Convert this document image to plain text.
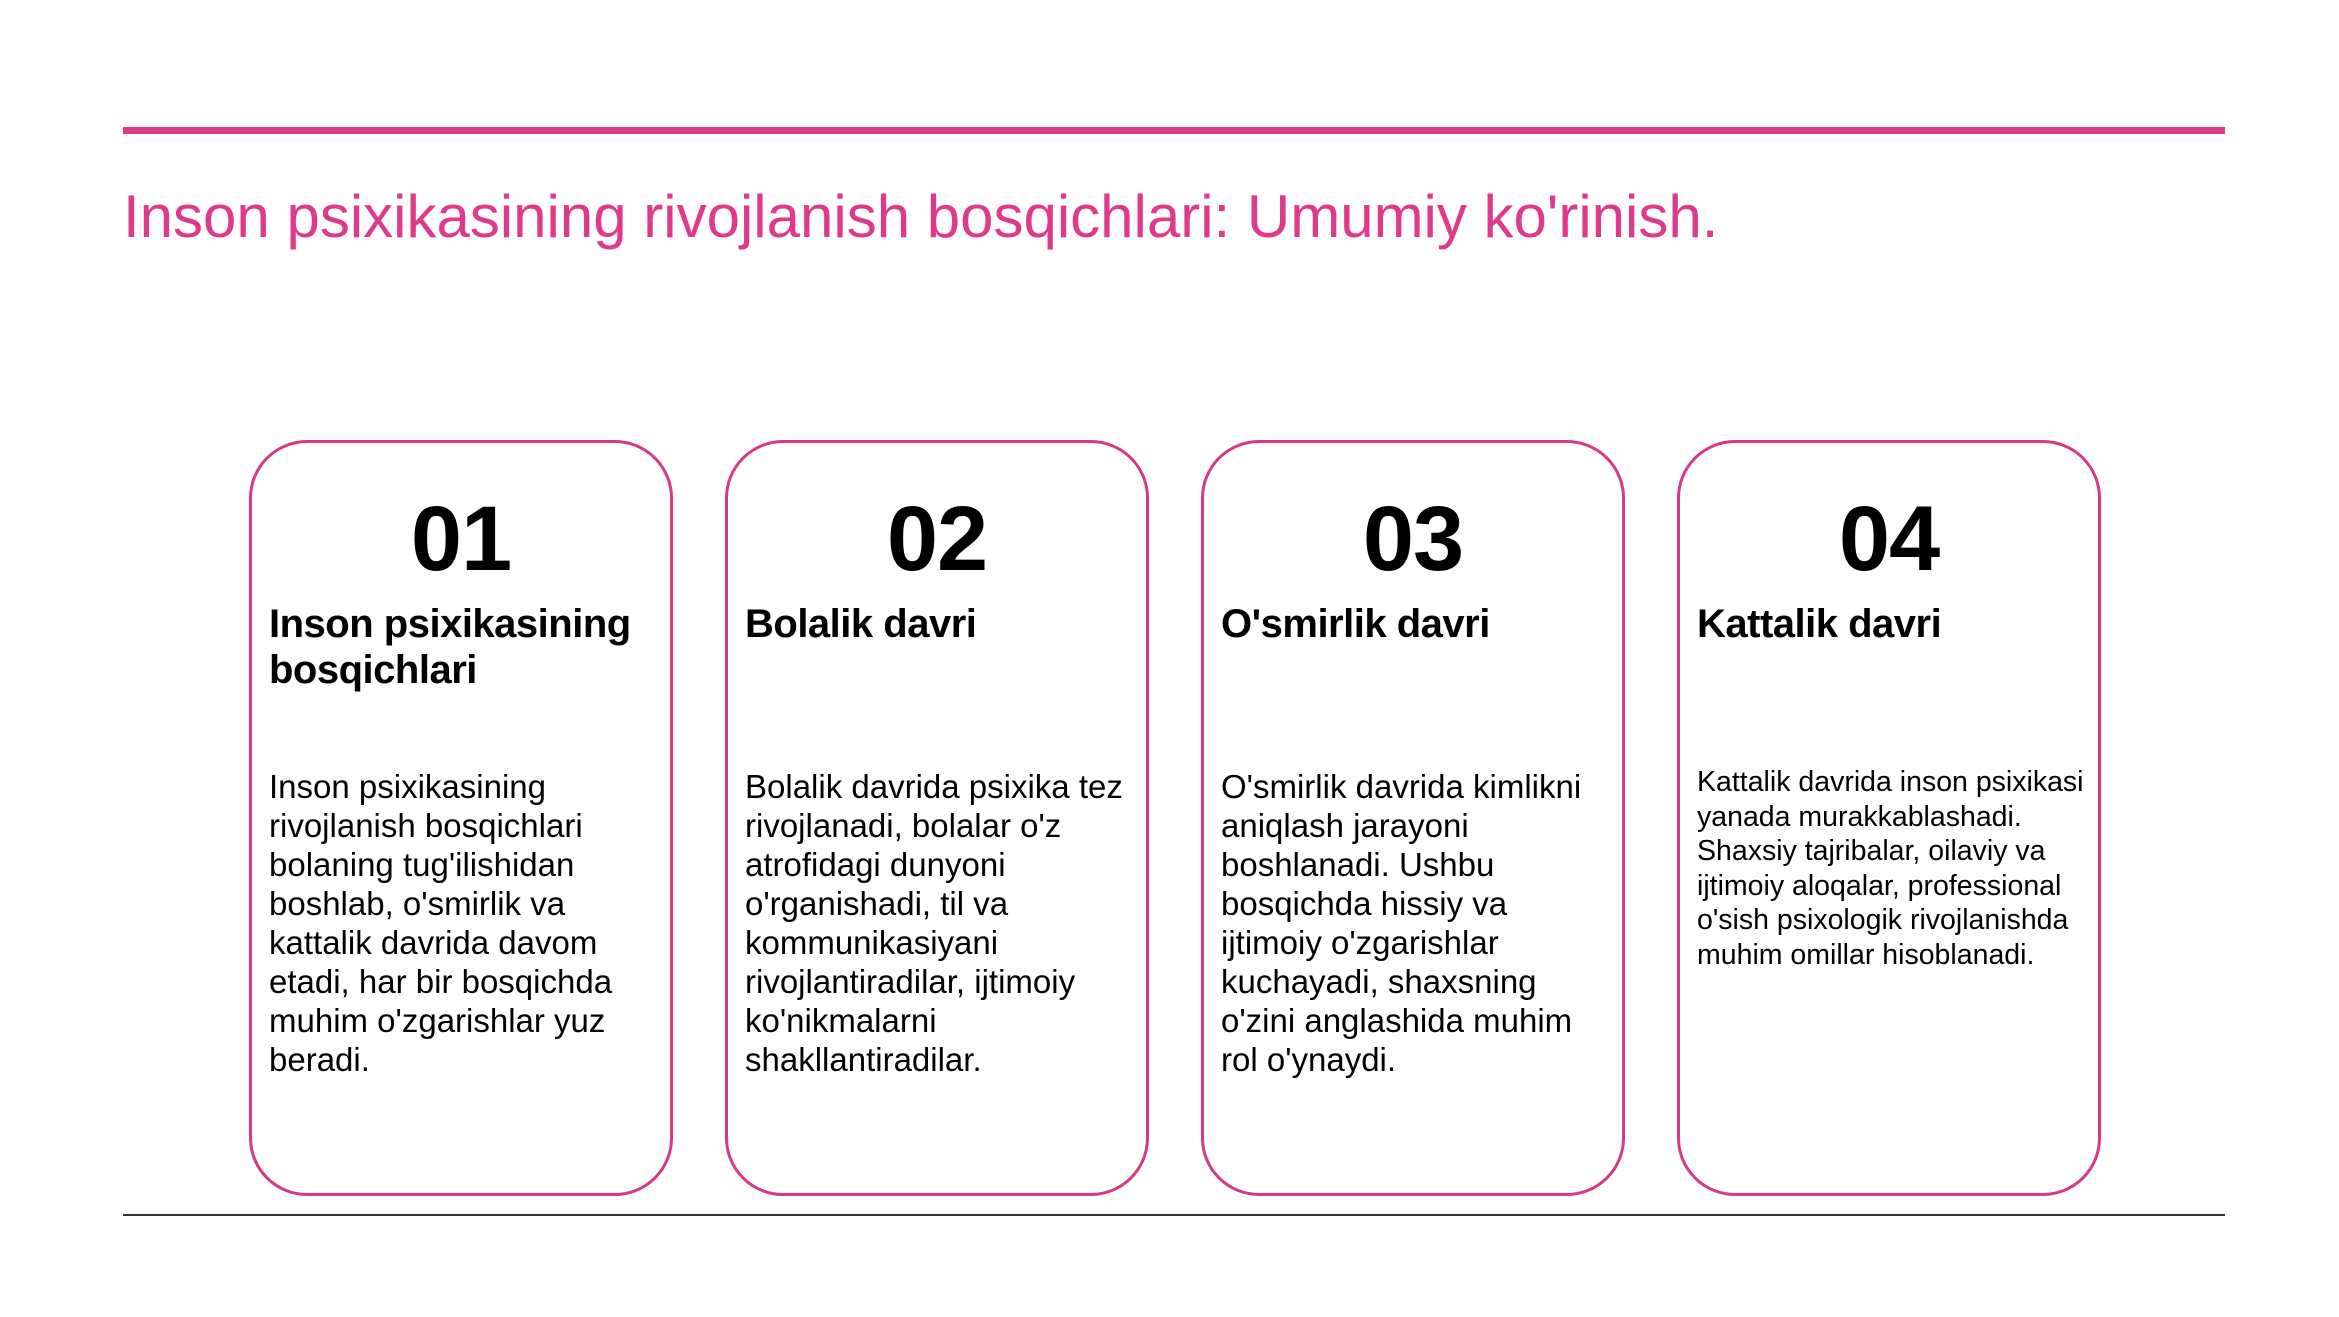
Inson psixikasining rivojlanish bosqichlari: Umumiy ko'rinish.
01
Inson psixikasining bosqichlari
Inson psixikasining rivojlanish bosqichlari bolaning tug'ilishidan boshlab, o'smirlik va kattalik davrida davom etadi, har bir bosqichda muhim o'zgarishlar yuz beradi.
02
Bolalik davri
Bolalik davrida psixika tez rivojlanadi, bolalar o'z atrofidagi dunyoni o'rganishadi, til va kommunikasiyani rivojlantiradilar, ijtimoiy ko'nikmalarni shakllantiradilar.
03
O'smirlik davri
O'smirlik davrida kimlikni aniqlash jarayoni boshlanadi. Ushbu bosqichda hissiy va ijtimoiy o'zgarishlar kuchayadi, shaxsning o'zini anglashida muhim rol o'ynaydi.
04
Kattalik davri
Kattalik davrida inson psixikasi yanada murakkablashadi. Shaxsiy tajribalar, oilaviy va ijtimoiy aloqalar, professional o'sish psixologik rivojlanishda muhim omillar hisoblanadi.
